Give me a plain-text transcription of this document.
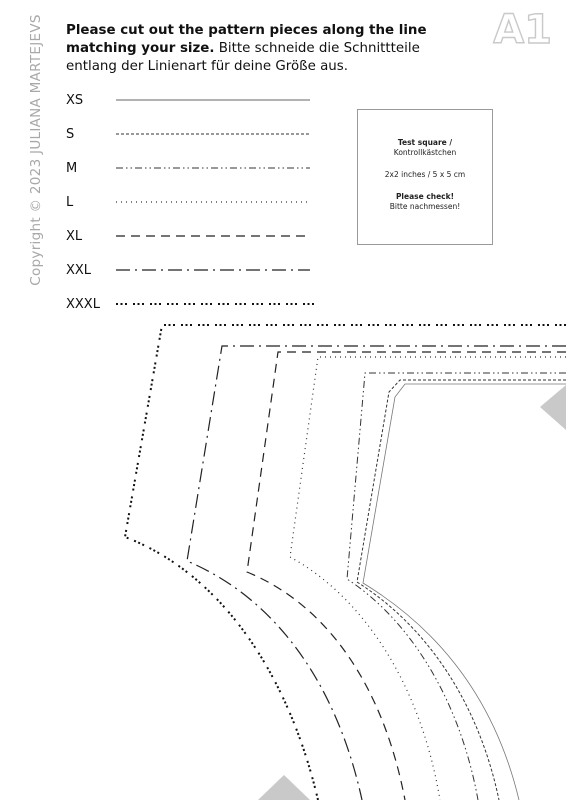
Copyright © 2023 JULIANA MARTEJEVS	A1
Please cut out the pattern pieces along the line matching your size. Bitte schneide die Schnittteile entlang der Linienart für deine Größe aus.
XS
S
M
L
XL
XXL
XXXL
Test square /
Kontrollkästchen
2x2 inches / 5 x 5 cm
Please check!
Bitte nachmessen!
